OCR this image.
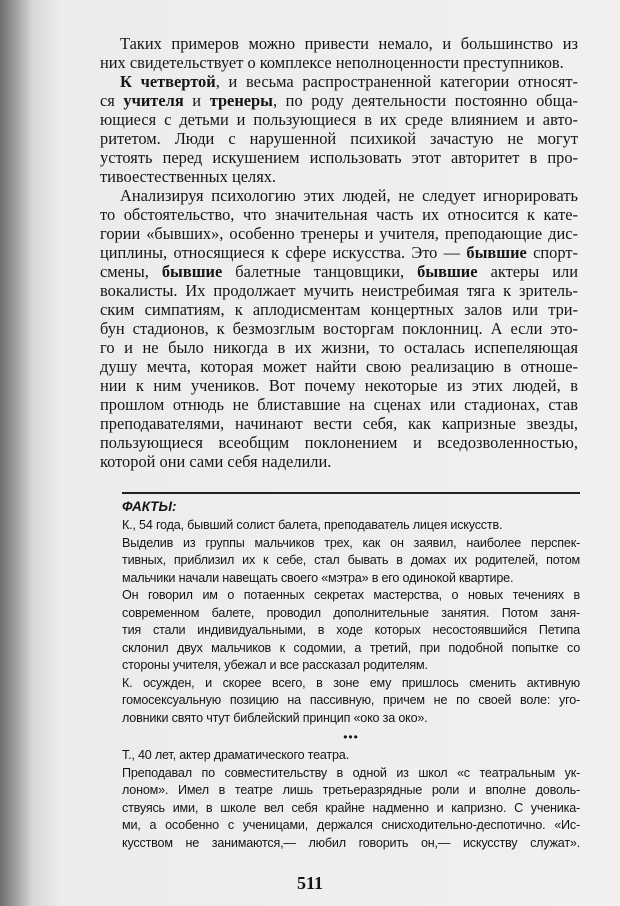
Таких примеров можно привести немало, и большинство из
них свидетельствует о комплексе неполноценности преступников.
К четвертой, и весьма распространенной категории относят-
ся учителя и тренеры, по роду деятельности постоянно обща-
ющиеся с детьми и пользующиеся в их среде влиянием и авто-
ритетом. Люди с нарушенной психикой зачастую не могут
устоять перед искушением использовать этот авторитет в про-
тивоестественных целях.
Анализируя психологию этих людей, не следует игнорировать
то обстоятельство, что значительная часть их относится к кате-
гории «бывших», особенно тренеры и учителя, преподающие дис-
циплины, относящиеся к сфере искусства. Это — бывшие спорт-
смены, бывшие балетные танцовщики, бывшие актеры или
вокалисты. Их продолжает мучить неистребимая тяга к зритель-
ским симпатиям, к аплодисментам концертных залов или три-
бун стадионов, к безмозглым восторгам поклонниц. А если это-
го и не было никогда в их жизни, то осталась испепеляющая
душу мечта, которая может найти свою реализацию в отноше-
нии к ним учеников. Вот почему некоторые из этих людей, в
прошлом отнюдь не блиставшие на сценах или стадионах, став
преподавателями, начинают вести себя, как капризные звезды,
пользующиеся всеобщим поклонением и вседозволенностью,
которой они сами себя наделили.
ФАКТЫ:
К., 54 года, бывший солист балета, преподаватель лицея искусств.
Выделив из группы мальчиков трех, как он заявил, наиболее перспек-
тивных, приблизил их к себе, стал бывать в домах их родителей, потом
мальчики начали навещать своего «мэтра» в его одинокой квартире.
Он говорил им о потаенных секретах мастерства, о новых течениях в
современном балете, проводил дополнительные занятия. Потом заня-
тия стали индивидуальными, в ходе которых несостоявшийся Петипа
склонил двух мальчиков к содомии, а третий, при подобной попытке со
стороны учителя, убежал и все рассказал родителям.
К. осужден, и скорее всего, в зоне ему пришлось сменить активную
гомосексуальную позицию на пассивную, причем не по своей воле: уго-
ловники свято чтут библейский принцип «око за око».
•••
Т., 40 лет, актер драматического театра.
Преподавал по совместительству в одной из школ «с театральным ук-
лоном». Имел в театре лишь третьеразрядные роли и вполне доволь-
ствуясь ими, в школе вел себя крайне надменно и капризно. С ученика-
ми, а особенно с ученицами, держался снисходительно-деспотично. «Ис-
кусством не занимаются,— любил говорить он,— искусству служат».
511
